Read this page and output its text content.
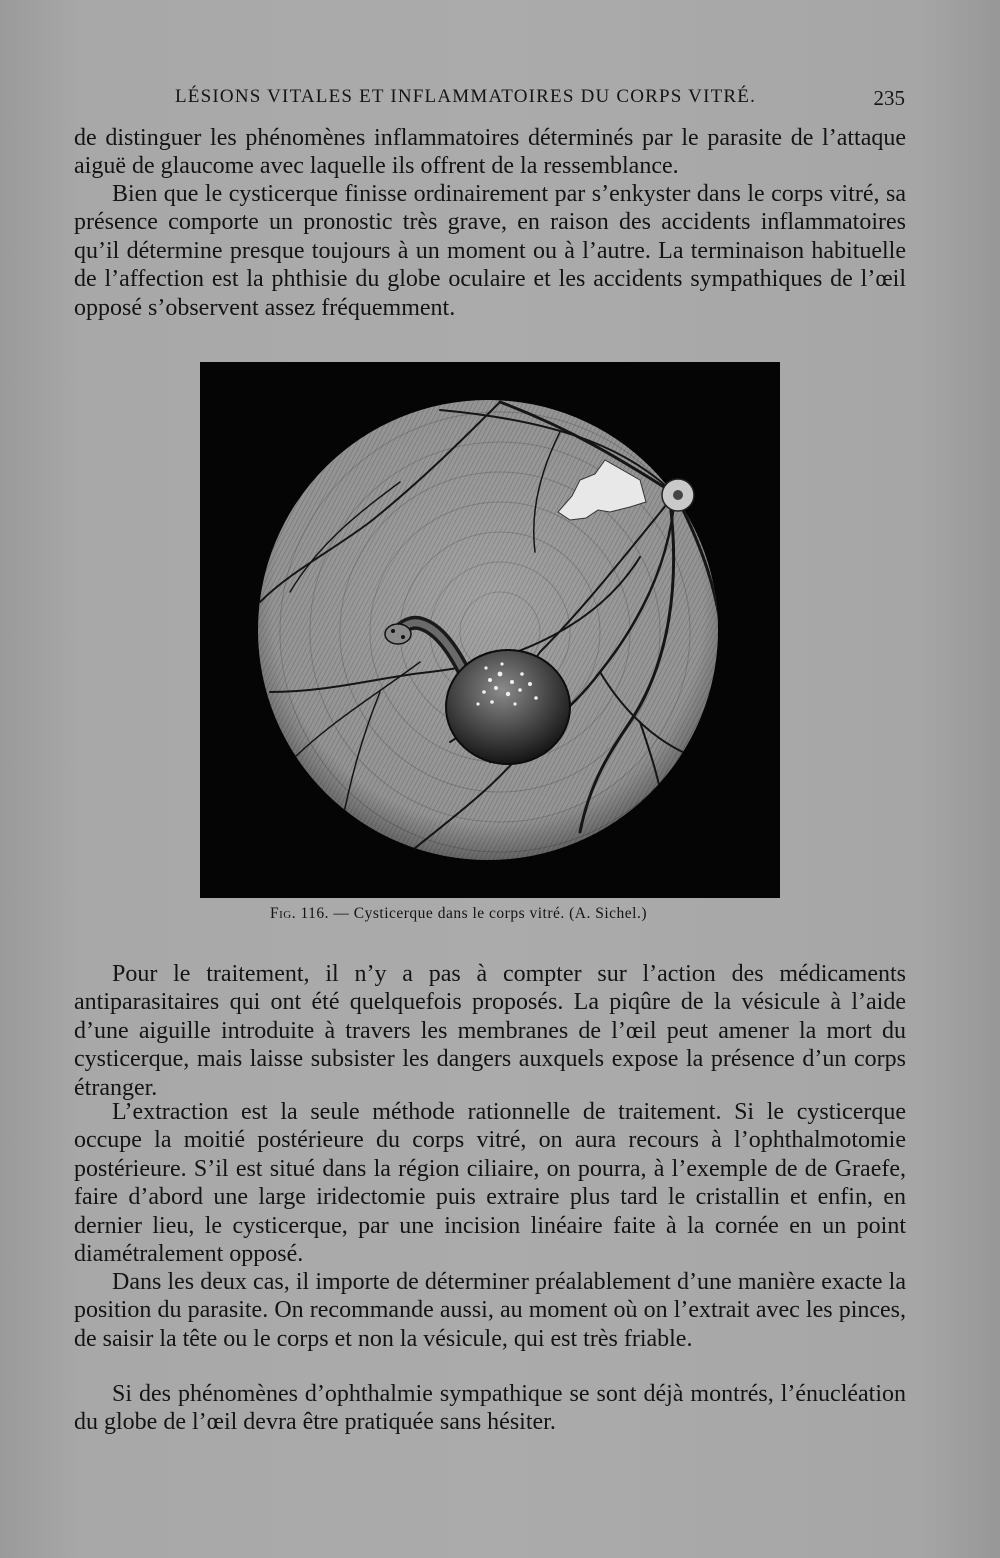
LÉSIONS VITALES ET INFLAMMATOIRES DU CORPS VITRÉ.	235

de distinguer les phénomènes inflammatoires déterminés par le parasite de l’attaque aiguë de glaucome avec laquelle ils offrent de la ressemblance.

Bien que le cysticerque finisse ordinairement par s’enkyster dans le corps vitré, sa présence comporte un pronostic très grave, en raison des accidents inflammatoires qu’il détermine presque toujours à un moment ou à l’autre. La terminaison habituelle de l’affection est la phthisie du globe oculaire et les accidents sympathiques de l’œil opposé s’observent assez fréquemment.

Fig. 116. — Cysticerque dans le corps vitré. (A. Sichel.)

Pour le traitement, il n’y a pas à compter sur l’action des médicaments antiparasitaires qui ont été quelquefois proposés. La piqûre de la vésicule à l’aide d’une aiguille introduite à travers les membranes de l’œil peut amener la mort du cysticerque, mais laisse subsister les dangers auxquels expose la présence d’un corps étranger.

L’extraction est la seule méthode rationnelle de traitement. Si le cysticerque occupe la moitié postérieure du corps vitré, on aura recours à l’ophthalmotomie postérieure. S’il est situé dans la région ciliaire, on pourra, à l’exemple de de Graefe, faire d’abord une large iridectomie puis extraire plus tard le cristallin et enfin, en dernier lieu, le cysticerque, par une incision linéaire faite à la cornée en un point diamétralement opposé.

Dans les deux cas, il importe de déterminer préalablement d’une manière exacte la position du parasite. On recommande aussi, au moment où on l’extrait avec les pinces, de saisir la tête ou le corps et non la vésicule, qui est très friable.

Si des phénomènes d’ophthalmie sympathique se sont déjà montrés, l’énucléation du globe de l’œil devra être pratiquée sans hésiter.
